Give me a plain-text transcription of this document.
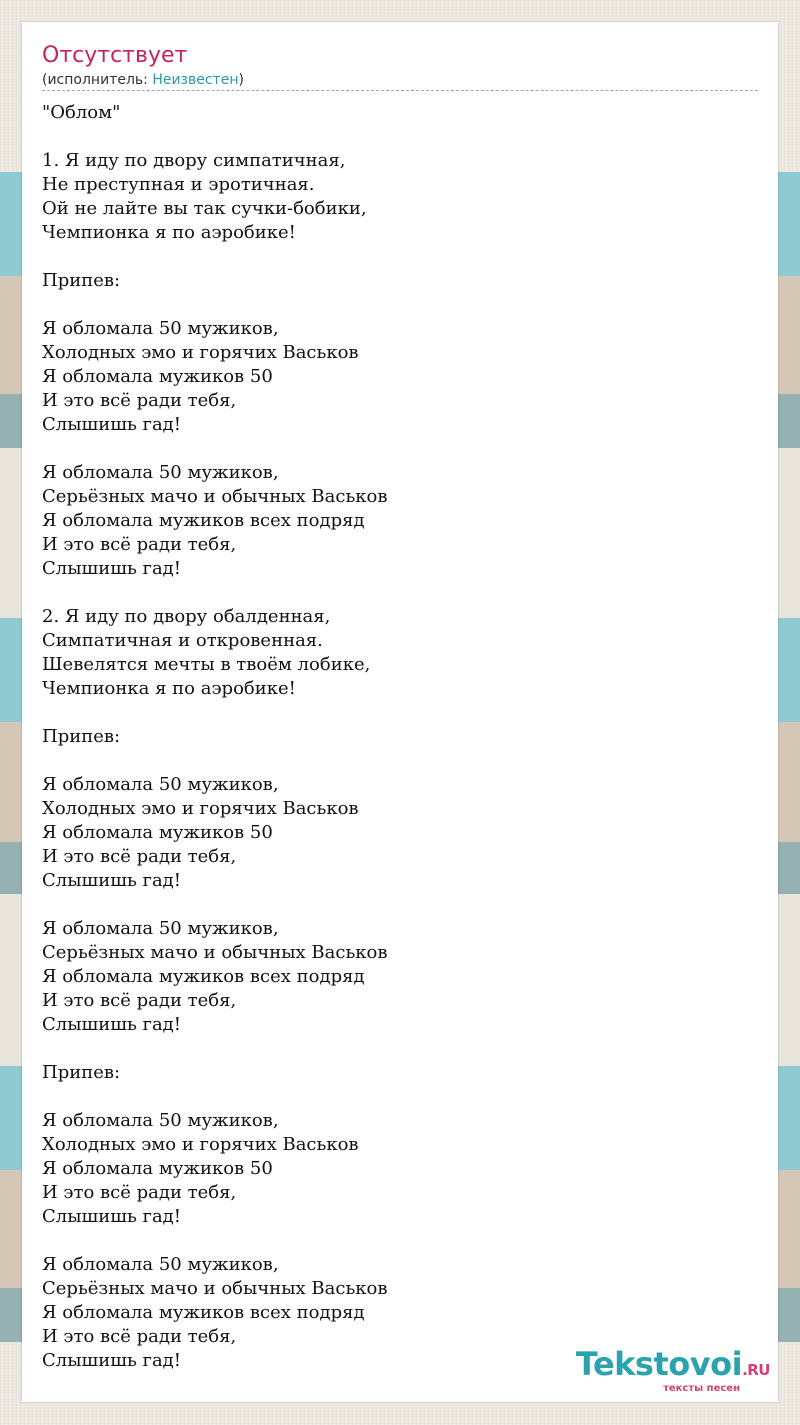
Отсутствует
(исполнитель: Неизвестен)
"Облом"

1. Я иду по двору симпатичная,
Не преступная и эротичная.
Ой не лайте вы так сучки-бобики,
Чемпионка я по аэробике!

Припев:

Я обломала 50 мужиков,
Холодных эмо и горячих Васьков
Я обломала мужиков 50
И это всё ради тебя,
Слышишь гад!

Я обломала 50 мужиков,
Серьёзных мачо и обычных Васьков
Я обломала мужиков всех подряд
И это всё ради тебя,
Слышишь гад!

2. Я иду по двору обалденная,
Симпатичная и откровенная.
Шевелятся мечты в твоём лобике,
Чемпионка я по аэробике!

Припев:

Я обломала 50 мужиков,
Холодных эмо и горячих Васьков
Я обломала мужиков 50
И это всё ради тебя,
Слышишь гад!

Я обломала 50 мужиков,
Серьёзных мачо и обычных Васьков
Я обломала мужиков всех подряд
И это всё ради тебя,
Слышишь гад!

Припев:

Я обломала 50 мужиков,
Холодных эмо и горячих Васьков
Я обломала мужиков 50
И это всё ради тебя,
Слышишь гад!

Я обломала 50 мужиков,
Серьёзных мачо и обычных Васьков
Я обломала мужиков всех подряд
И это всё ради тебя,
Слышишь гад!	Tekstovoi.RU
тексты песен
